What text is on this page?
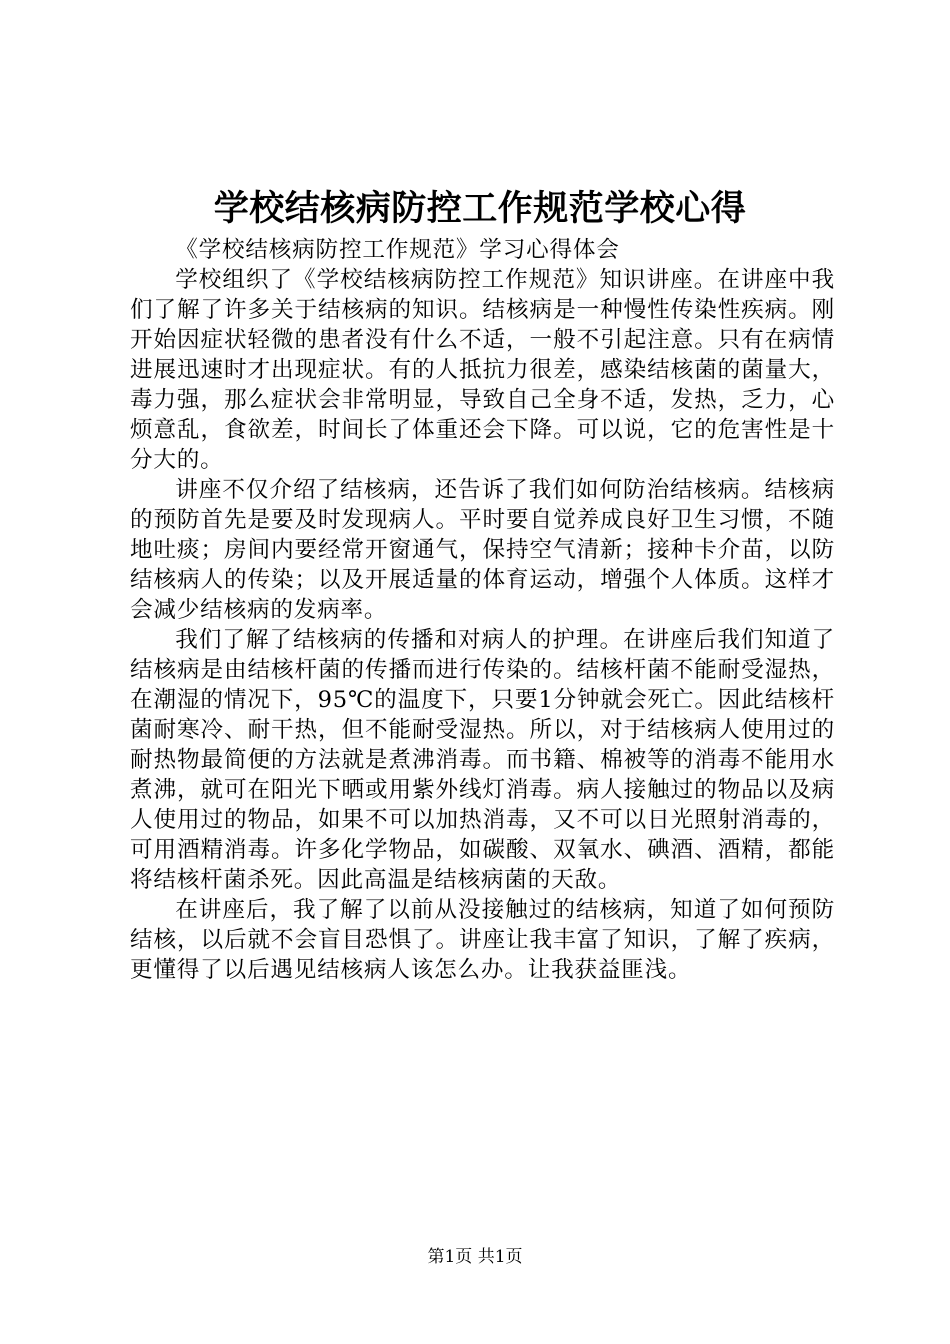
学校结核病防控工作规范学校心得

《学校结核病防控工作规范》学习心得体会

学校组织了《学校结核病防控工作规范》知识讲座。在讲座中我们了解了许多关于结核病的知识。结核病是一种慢性传染性疾病。刚开始因症状轻微的患者没有什么不适，一般不引起注意。只有在病情进展迅速时才出现症状。有的人抵抗力很差，感染结核菌的菌量大，毒力强，那么症状会非常明显，导致自己全身不适，发热，乏力，心烦意乱，食欲差，时间长了体重还会下降。可以说，它的危害性是十分大的。

讲座不仅介绍了结核病，还告诉了我们如何防治结核病。结核病的预防首先是要及时发现病人。平时要自觉养成良好卫生习惯，不随地吐痰；房间内要经常开窗通气，保持空气清新；接种卡介苗，以防结核病人的传染；以及开展适量的体育运动，增强个人体质。这样才会减少结核病的发病率。

我们了解了结核病的传播和对病人的护理。在讲座后我们知道了结核病是由结核杆菌的传播而进行传染的。结核杆菌不能耐受湿热，在潮湿的情况下，95℃的温度下，只要1分钟就会死亡。因此结核杆菌耐寒冷、耐干热，但不能耐受湿热。所以，对于结核病人使用过的耐热物最简便的方法就是煮沸消毒。而书籍、棉被等的消毒不能用水煮沸，就可在阳光下晒或用紫外线灯消毒。病人接触过的物品以及病人使用过的物品，如果不可以加热消毒，又不可以日光照射消毒的，可用酒精消毒。许多化学物品，如碳酸、双氧水、碘酒、酒精，都能将结核杆菌杀死。因此高温是结核病菌的天敌。

在讲座后，我了解了以前从没接触过的结核病，知道了如何预防结核，以后就不会盲目恐惧了。讲座让我丰富了知识，了解了疾病，更懂得了以后遇见结核病人该怎么办。让我获益匪浅。

第1页 共1页
